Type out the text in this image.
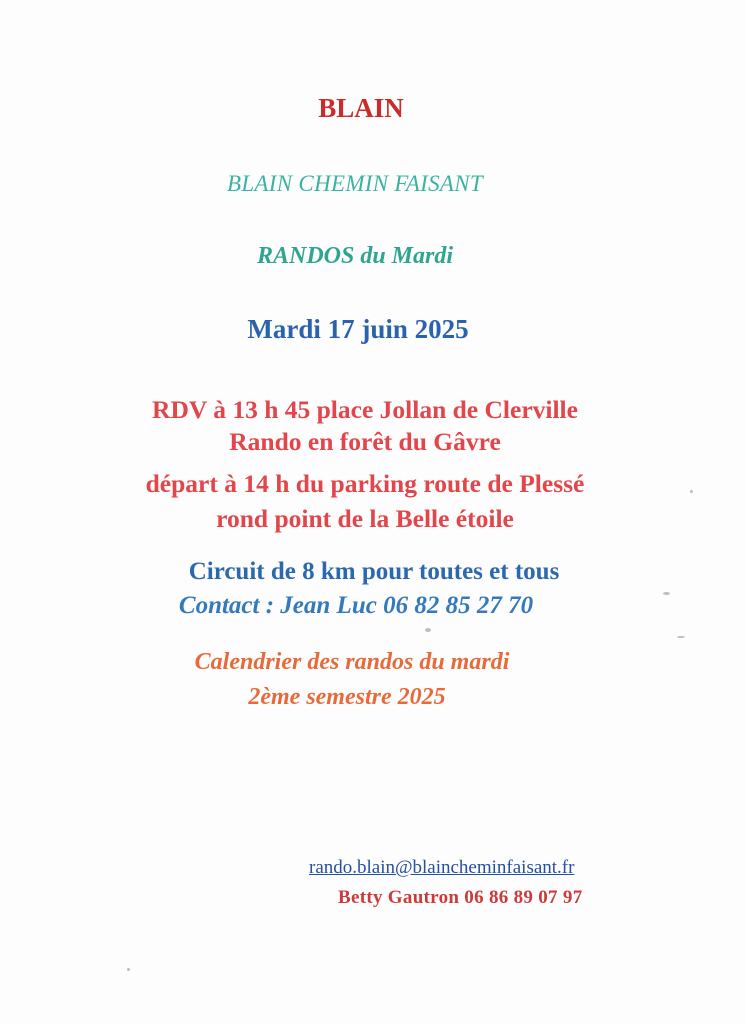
BLAIN

BLAIN CHEMIN FAISANT

RANDOS du Mardi

Mardi 17 juin 2025

RDV à 13 h 45 place Jollan de Clerville

Rando en forêt du Gâvre

départ à 14 h du parking route de Plessé

rond point de la Belle étoile

Circuit de 8 km pour toutes et tous

Contact : Jean Luc 06 82 85 27 70

Calendrier des randos du mardi

2ème semestre 2025

rando.blain@blaincheminfaisant.fr

Betty Gautron 06 86 89 07 97
